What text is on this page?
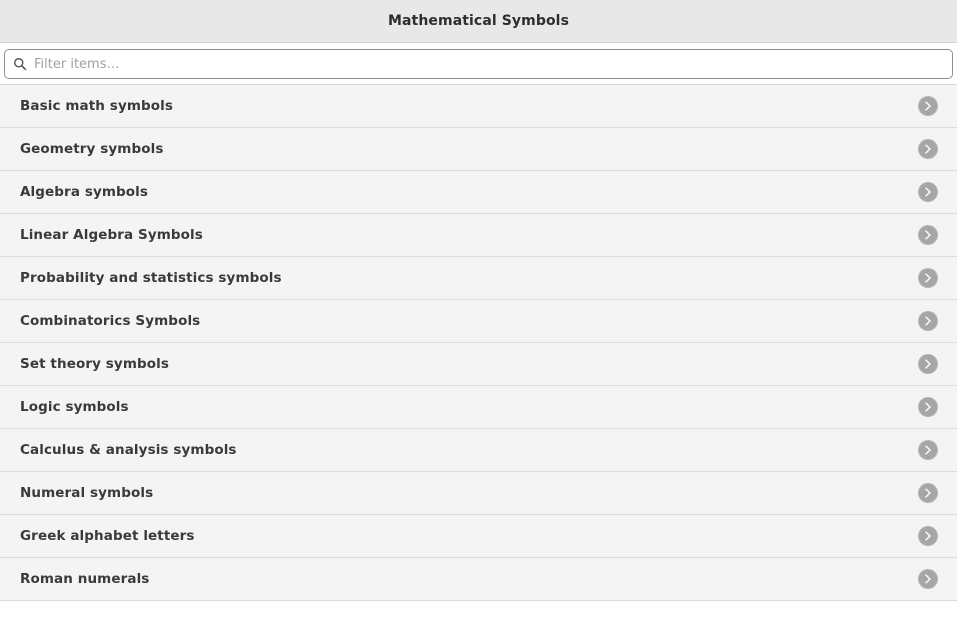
Mathematical Symbols
Filter items…
Basic math symbols
Geometry symbols
Algebra symbols
Linear Algebra Symbols
Probability and statistics symbols
Combinatorics Symbols
Set theory symbols
Logic symbols
Calculus & analysis symbols
Numeral symbols
Greek alphabet letters
Roman numerals
